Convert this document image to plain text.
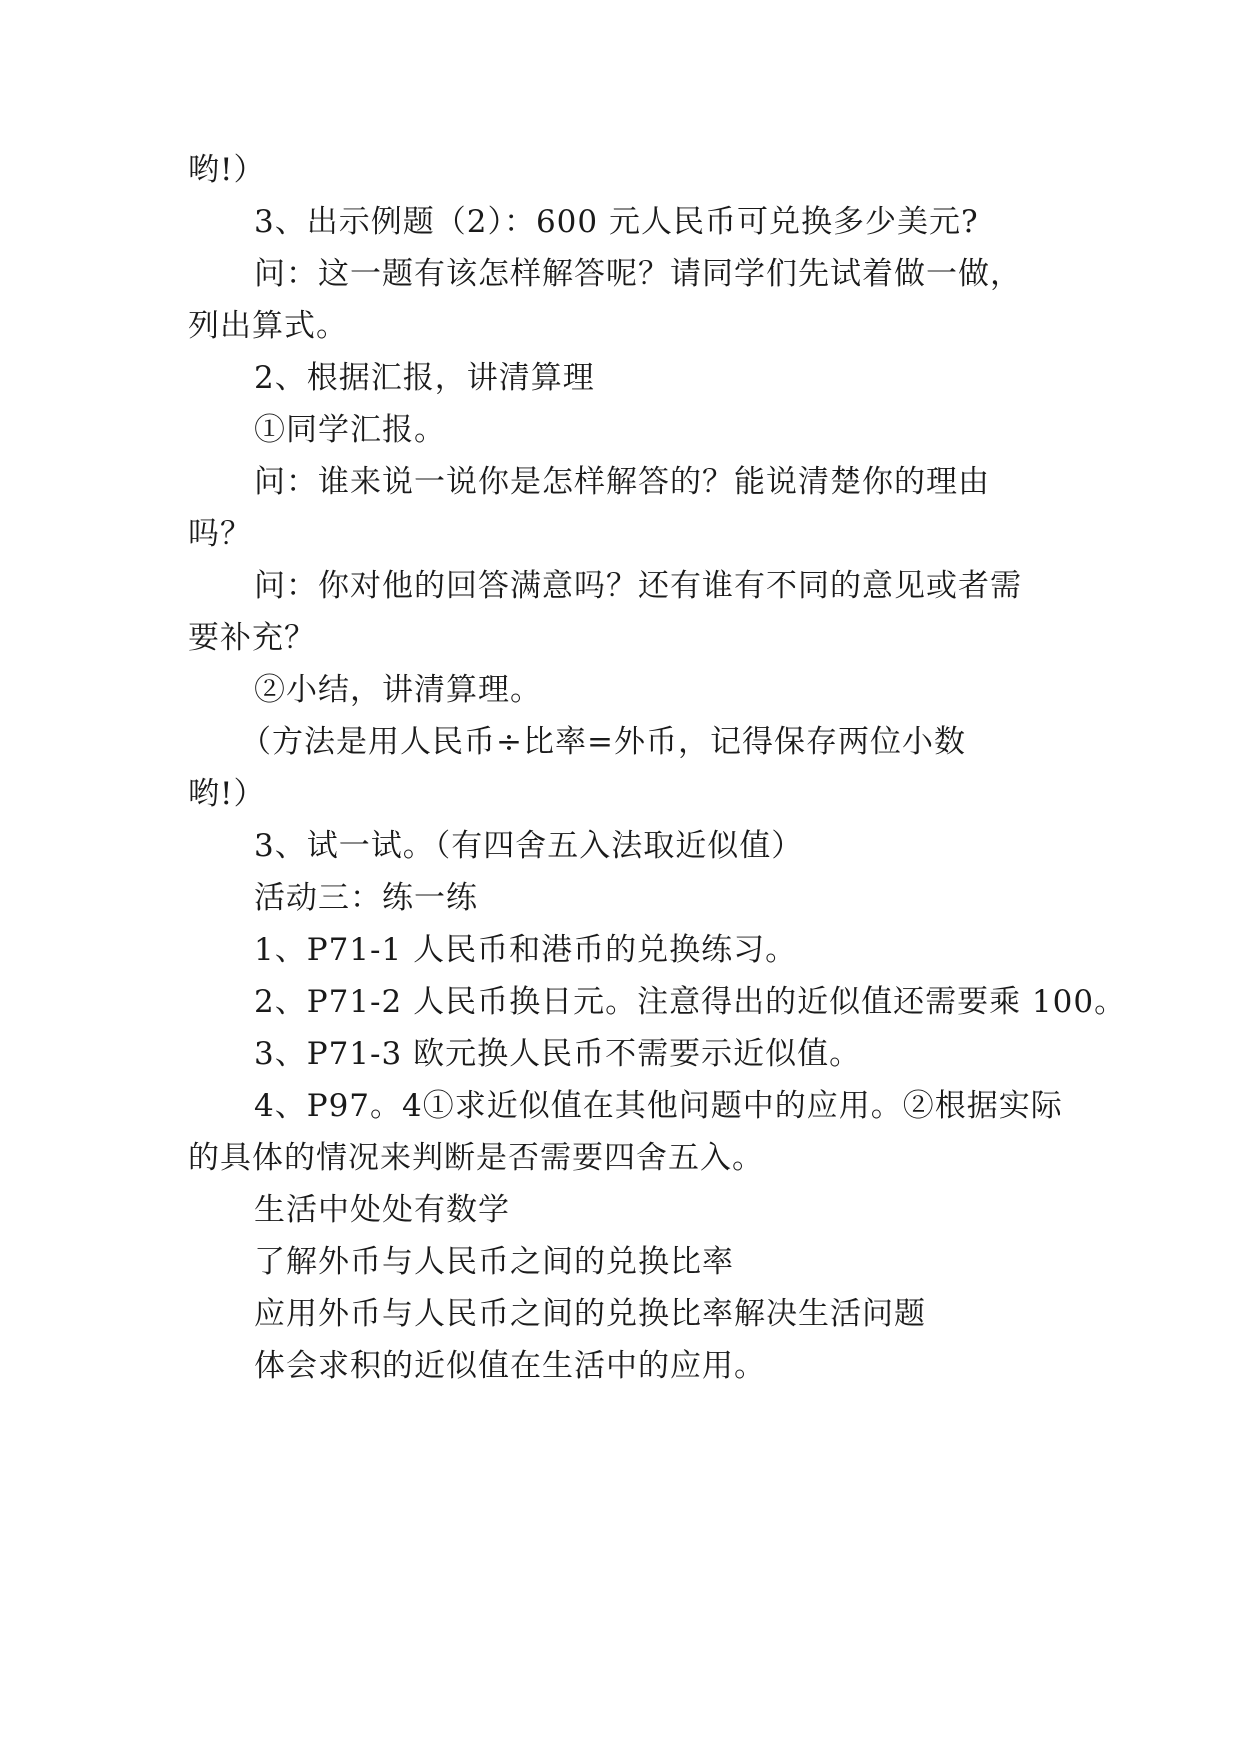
哟!）
3、出示例题（2）：600 元人民币可兑换多少美元?
问：这一题有该怎样解答呢？请同学们先试着做一做，
列出算式。
2、根据汇报，讲清算理
①同学汇报。
问：谁来说一说你是怎样解答的？能说清楚你的理由
吗？
问：你对他的回答满意吗？还有谁有不同的意见或者需
要补充？
②小结，讲清算理。
（方法是用人民币÷比率=外币，记得保存两位小数
哟!）
3、试一试。（有四舍五入法取近似值）
活动三：练一练
1、P71-1 人民币和港币的兑换练习。
2、P71-2 人民币换日元。注意得出的近似值还需要乘 100。
3、P71-3 欧元换人民币不需要示近似值。
4、P97。4①求近似值在其他问题中的应用。②根据实际
的具体的情况来判断是否需要四舍五入。
生活中处处有数学
了解外币与人民币之间的兑换比率
应用外币与人民币之间的兑换比率解决生活问题
体会求积的近似值在生活中的应用。
